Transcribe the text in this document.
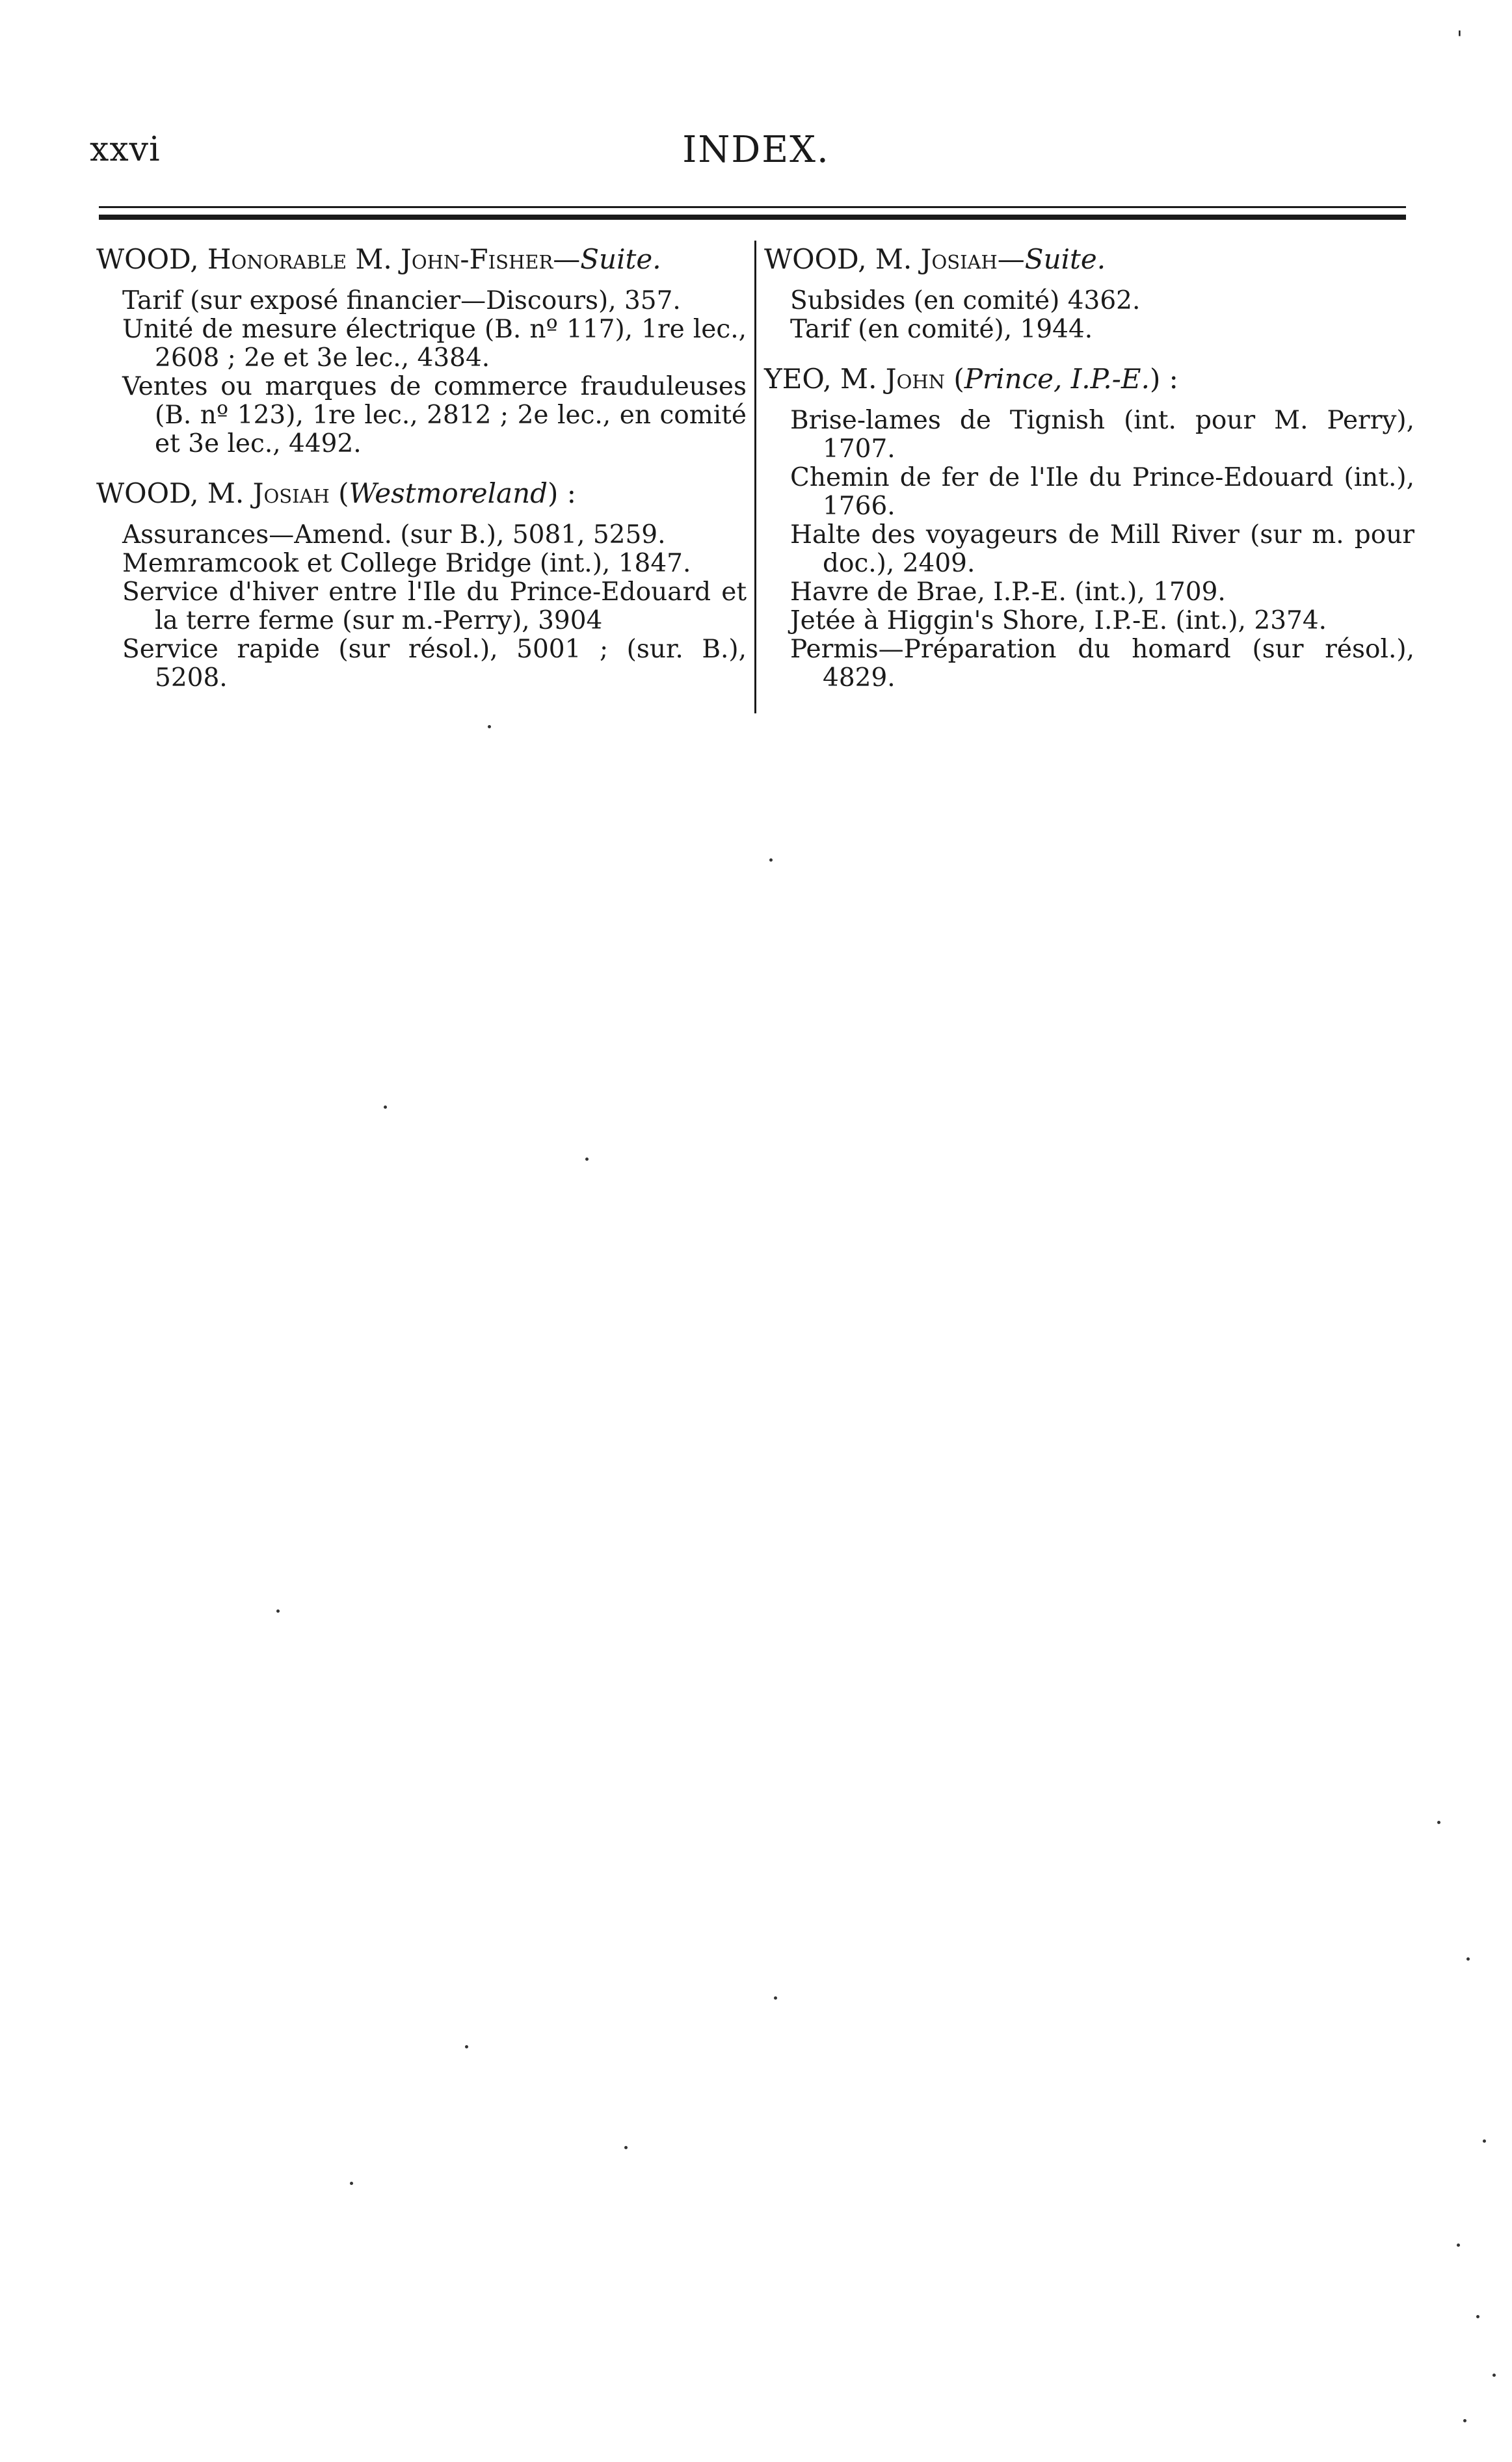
'
xxvi	INDEX.
WOOD, Honorable M. John-Fisher—Suite.

Tarif (sur exposé financier—Discours), 357.

Unité de mesure électrique (B. nº 117), 1re lec., 2608 ; 2e et 3e lec., 4384.

Ventes ou marques de commerce frauduleuses (B. nº 123), 1re lec., 2812 ; 2e lec., en comité et 3e lec., 4492.

WOOD, M. Josiah (Westmoreland) :

Assurances—Amend. (sur B.), 5081, 5259.

Memramcook et College Bridge (int.), 1847.

Service d'hiver entre l'Ile du Prince-Edouard et la terre ferme (sur m.-Perry), 3904

Service rapide (sur résol.), 5001 ; (sur. B.), 5208.

WOOD, M. Josiah—Suite.

Subsides (en comité) 4362.

Tarif (en comité), 1944.

YEO, M. John (Prince, I.P.-E.) :

Brise-lames de Tignish (int. pour M. Perry), 1707.

Chemin de fer de l'Ile du Prince-Edouard (int.), 1766.

Halte des voyageurs de Mill River (sur m. pour doc.), 2409.

Havre de Brae, I.P.-E. (int.), 1709.

Jetée à Higgin's Shore, I.P.-E. (int.), 2374.

Permis—Préparation du homard (sur résol.), 4829.
